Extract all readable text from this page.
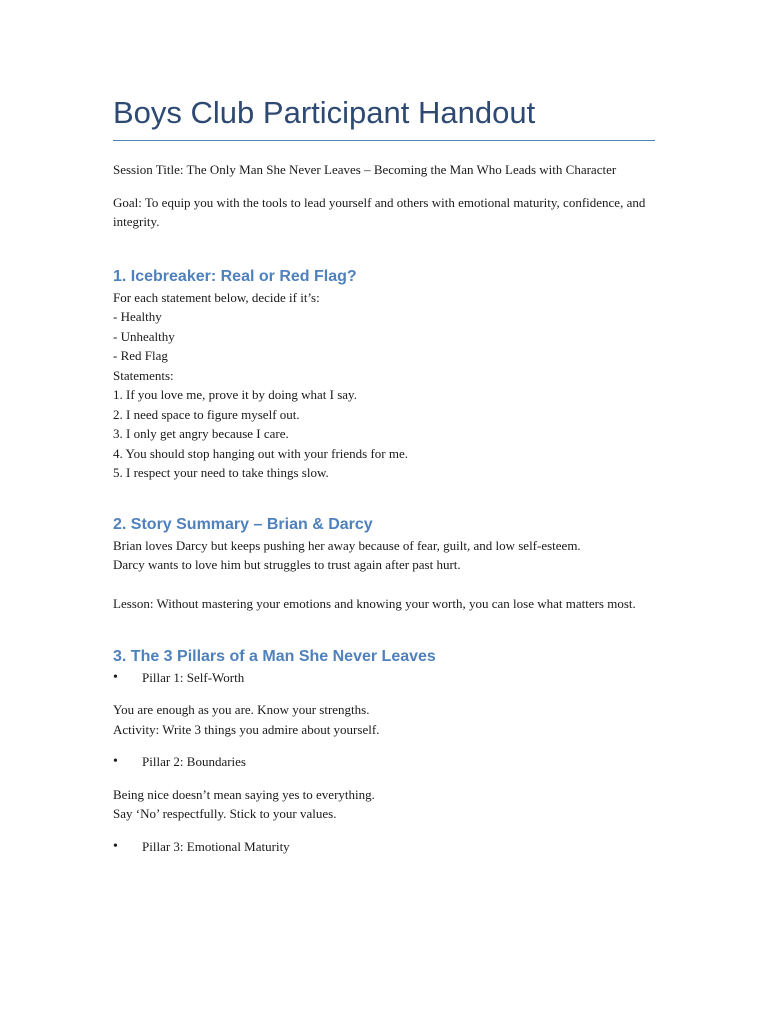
Boys Club Participant Handout

Session Title: The Only Man She Never Leaves – Becoming the Man Who Leads with Character

Goal: To equip you with the tools to lead yourself and others with emotional maturity, confidence, and integrity.

1. Icebreaker: Real or Red Flag?

For each statement below, decide if it’s:

- Healthy

- Unhealthy

- Red Flag

Statements:

1. If you love me, prove it by doing what I say.

2. I need space to figure myself out.

3. I only get angry because I care.

4. You should stop hanging out with your friends for me.

5. I respect your need to take things slow.

2. Story Summary – Brian & Darcy

Brian loves Darcy but keeps pushing her away because of fear, guilt, and low self-esteem.

Darcy wants to love him but struggles to trust again after past hurt.

Lesson: Without mastering your emotions and knowing your worth, you can lose what matters most.

3. The 3 Pillars of a Man She Never Leaves
•	Pillar 1: Self-Worth

You are enough as you are. Know your strengths.

Activity: Write 3 things you admire about yourself.

•	Pillar 2: Boundaries

Being nice doesn’t mean saying yes to everything.

Say ‘No’ respectfully. Stick to your values.

•	Pillar 3: Emotional Maturity
